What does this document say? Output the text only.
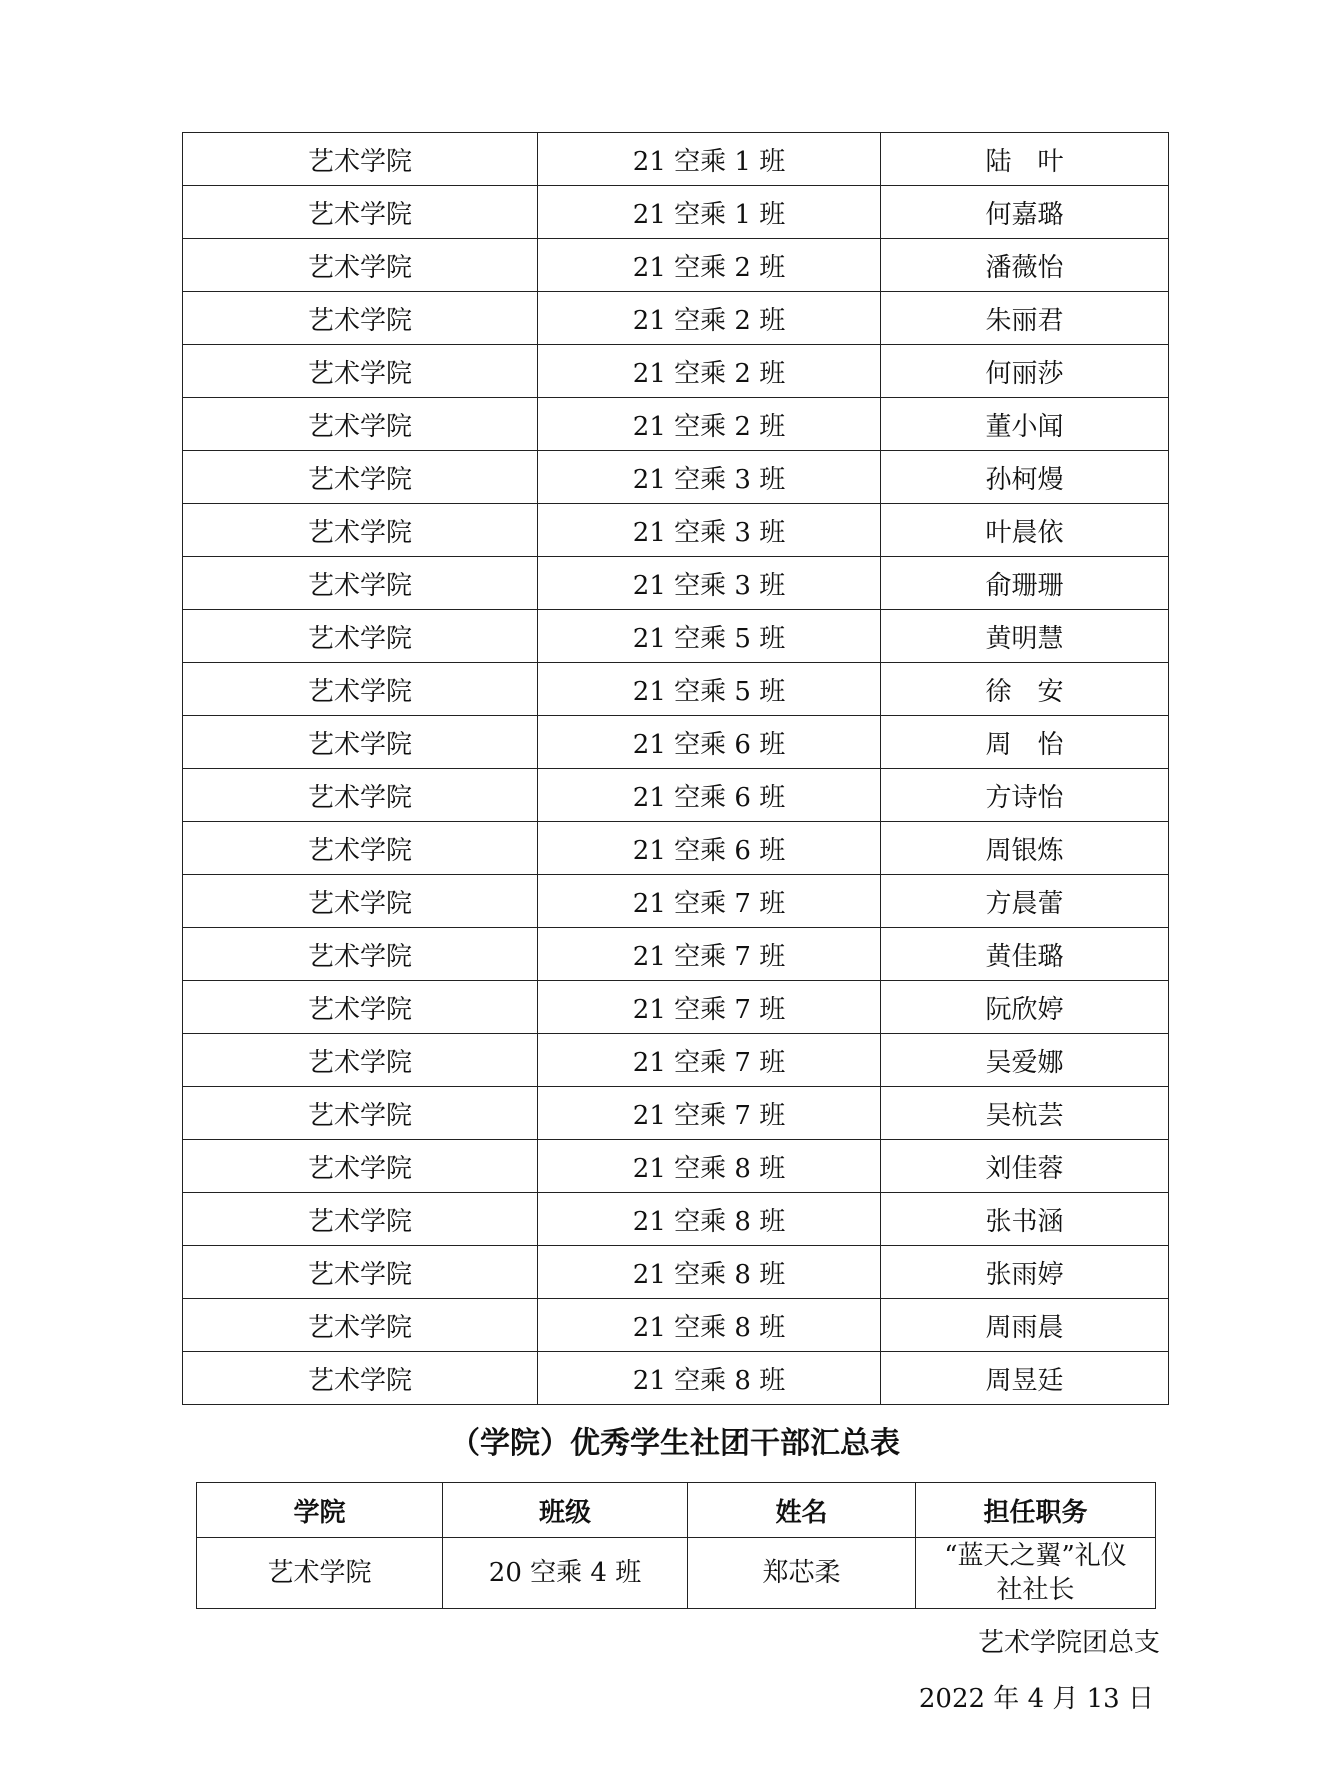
艺术学院	21 空乘 1 班	陆　叶
艺术学院	21 空乘 1 班	何嘉璐
艺术学院	21 空乘 2 班	潘薇怡
艺术学院	21 空乘 2 班	朱丽君
艺术学院	21 空乘 2 班	何丽莎
艺术学院	21 空乘 2 班	董小闻
艺术学院	21 空乘 3 班	孙柯熳
艺术学院	21 空乘 3 班	叶晨依
艺术学院	21 空乘 3 班	俞珊珊
艺术学院	21 空乘 5 班	黄明慧
艺术学院	21 空乘 5 班	徐　安
艺术学院	21 空乘 6 班	周　怡
艺术学院	21 空乘 6 班	方诗怡
艺术学院	21 空乘 6 班	周银炼
艺术学院	21 空乘 7 班	方晨蕾
艺术学院	21 空乘 7 班	黄佳璐
艺术学院	21 空乘 7 班	阮欣婷
艺术学院	21 空乘 7 班	吴爱娜
艺术学院	21 空乘 7 班	吴杭芸
艺术学院	21 空乘 8 班	刘佳蓉
艺术学院	21 空乘 8 班	张书涵
艺术学院	21 空乘 8 班	张雨婷
艺术学院	21 空乘 8 班	周雨晨
艺术学院	21 空乘 8 班	周昱廷
（学院）优秀学生社团干部汇总表
学院	班级	姓名	担任职务
艺术学院	20 空乘 4 班	郑芯柔	“蓝天之翼”礼仪
社社长
艺术学院团总支
2022 年 4 月 13 日
